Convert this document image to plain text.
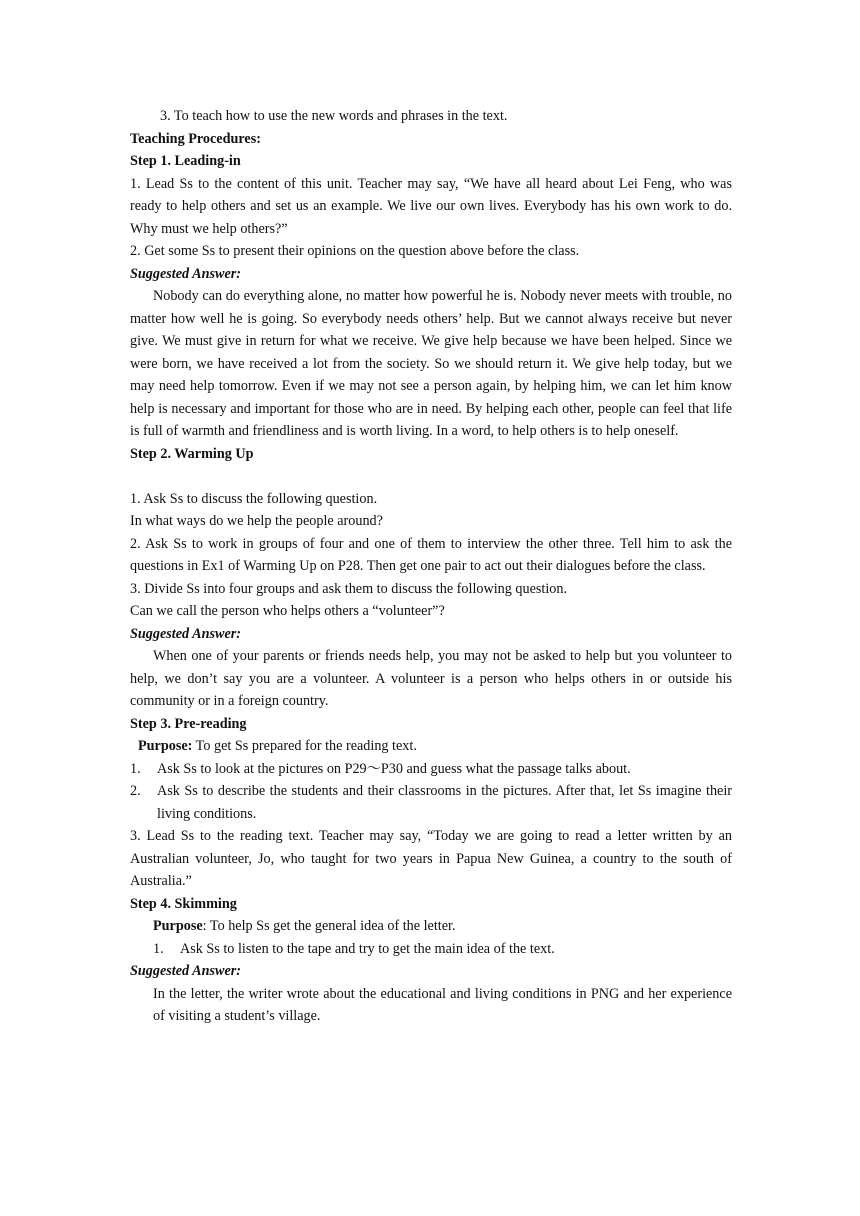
3. To teach how to use the new words and phrases in the text.

Teaching Procedures:

Step 1. Leading-in

1. Lead Ss to the content of this unit. Teacher may say, “We have all heard about Lei Feng, who was ready to help others and set us an example. We live our own lives. Everybody has his own work to do. Why must we help others?”

2. Get some Ss to present their opinions on the question above before the class.

Suggested Answer:

Nobody can do everything alone, no matter how powerful he is. Nobody never meets with trouble, no matter how well he is going. So everybody needs others’ help. But we cannot always receive but never give. We must give in return for what we receive. We give help because we have been helped. Since we were born, we have received a lot from the society. So we should return it. We give help today, but we may need help tomorrow. Even if we may not see a person again, by helping him, we can let him know help is necessary and important for those who are in need. By helping each other, people can feel that life is full of warmth and friendliness and is worth living. In a word, to help others is to help oneself.

Step 2. Warming Up

1. Ask Ss to discuss the following question.

In what ways do we help the people around?

2. Ask Ss to work in groups of four and one of them to interview the other three. Tell him to ask the questions in Ex1 of Warming Up on P28. Then get one pair to act out their dialogues before the class.

3. Divide Ss into four groups and ask them to discuss the following question.

Can we call the person who helps others a “volunteer”?

Suggested Answer:

When one of your parents or friends needs help, you may not be asked to help but you volunteer to help, we don’t say you are a volunteer. A volunteer is a person who helps others in or outside his community or in a foreign country.

Step 3. Pre-reading

Purpose: To get Ss prepared for the reading text.

1.	Ask Ss to look at the pictures on P29～P30 and guess what the passage talks about.
2.	Ask Ss to describe the students and their classrooms in the pictures. After that, let Ss imagine their living conditions.

3. Lead Ss to the reading text. Teacher may say, “Today we are going to read a letter written by an Australian volunteer, Jo, who taught for two years in Papua New Guinea, a country to the south of Australia.”

Step 4. Skimming

Purpose: To help Ss get the general idea of the letter.

1.	Ask Ss to listen to the tape and try to get the main idea of the text.

Suggested Answer:

In the letter, the writer wrote about the educational and living conditions in PNG and her experience of visiting a student’s village.
